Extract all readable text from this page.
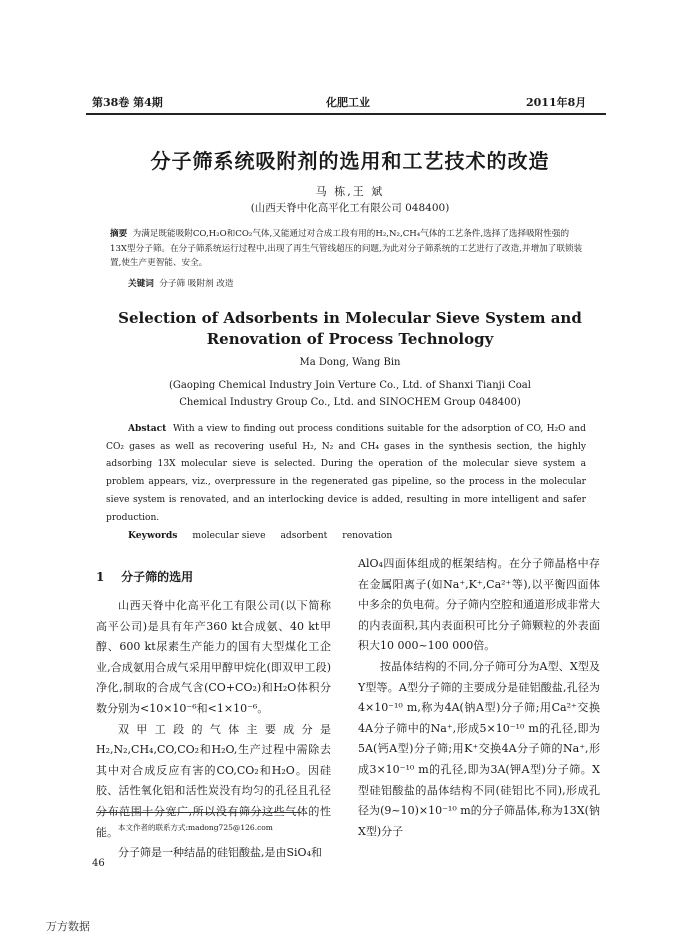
第38卷 第4期	化肥工业	2011年8月
分子筛系统吸附剂的选用和工艺技术的改造
马 栋,王 斌
(山西天脊中化高平化工有限公司 048400)
摘要 为满足既能吸附CO,H₂O和CO₂气体,又能通过对合成工段有用的H₂,N₂,CH₄气体的工艺条件,选择了选择吸附性强的13X型分子筛。在分子筛系统运行过程中,出现了再生气管线超压的问题,为此对分子筛系统的工艺进行了改造,并增加了联锁装置,使生产更智能、安全。
关键词 分子筛 吸附剂 改造
Selection of Adsorbents in Molecular Sieve System and
Renovation of Process Technology
Ma Dong, Wang Bin
(Gaoping Chemical Industry Join Verture Co., Ltd. of Shanxi Tianji Coal
Chemical Industry Group Co., Ltd. and SINOCHEM Group 048400)
Abstact With a view to finding out process conditions suitable for the adsorption of CO, H₂O and CO₂ gases as well as recovering useful H₂, N₂ and CH₄ gases in the synthesis section, the highly adsorbing 13X molecular sieve is selected. During the operation of the molecular sieve system a problem appears, viz., overpressure in the regenerated gas pipeline, so the process in the molecular sieve system is renovated, and an interlocking device is added, resulting in more intelligent and safer production.
Keywords molecular sieve adsorbent renovation
1 分子筛的选用

山西天脊中化高平化工有限公司(以下简称高平公司)是具有年产360 kt合成氨、40 kt甲醇、600 kt尿素生产能力的国有大型煤化工企业,合成氨用合成气采用甲醇甲烷化(即双甲工段)净化,制取的合成气含(CO+CO₂)和H₂O体积分数分别为<10×10⁻⁶和<1×10⁻⁶。

双甲工段的气体主要成分是H₂,N₂,CH₄,CO,CO₂和H₂O,生产过程中需除去其中对合成反应有害的CO,CO₂和H₂O。因硅胶、活性氧化铝和活性炭没有均匀的孔径且孔径分布范围十分宽广,所以没有筛分这些气体的性能。

分子筛是一种结晶的硅铝酸盐,是由SiO₄和

AlO₄四面体组成的框架结构。在分子筛晶格中存在金属阳离子(如Na⁺,K⁺,Ca²⁺等),以平衡四面体中多余的负电荷。分子筛内空腔和通道形成非常大的内表面积,其内表面积可比分子筛颗粒的外表面积大10 000~100 000倍。

按晶体结构的不同,分子筛可分为A型、X型及Y型等。A型分子筛的主要成分是硅铝酸盐,孔径为4×10⁻¹⁰ m,称为4A(钠A型)分子筛;用Ca²⁺交换4A分子筛中的Na⁺,形成5×10⁻¹⁰ m的孔径,即为5A(钙A型)分子筛;用K⁺交换4A分子筛的Na⁺,形成3×10⁻¹⁰ m的孔径,即为3A(钾A型)分子筛。X型硅铝酸盐的晶体结构不同(硅铝比不同),形成孔径为(9~10)×10⁻¹⁰ m的分子筛晶体,称为13X(钠X型)分子

本文作者的联系方式:madong725@126.com
46
万方数据
